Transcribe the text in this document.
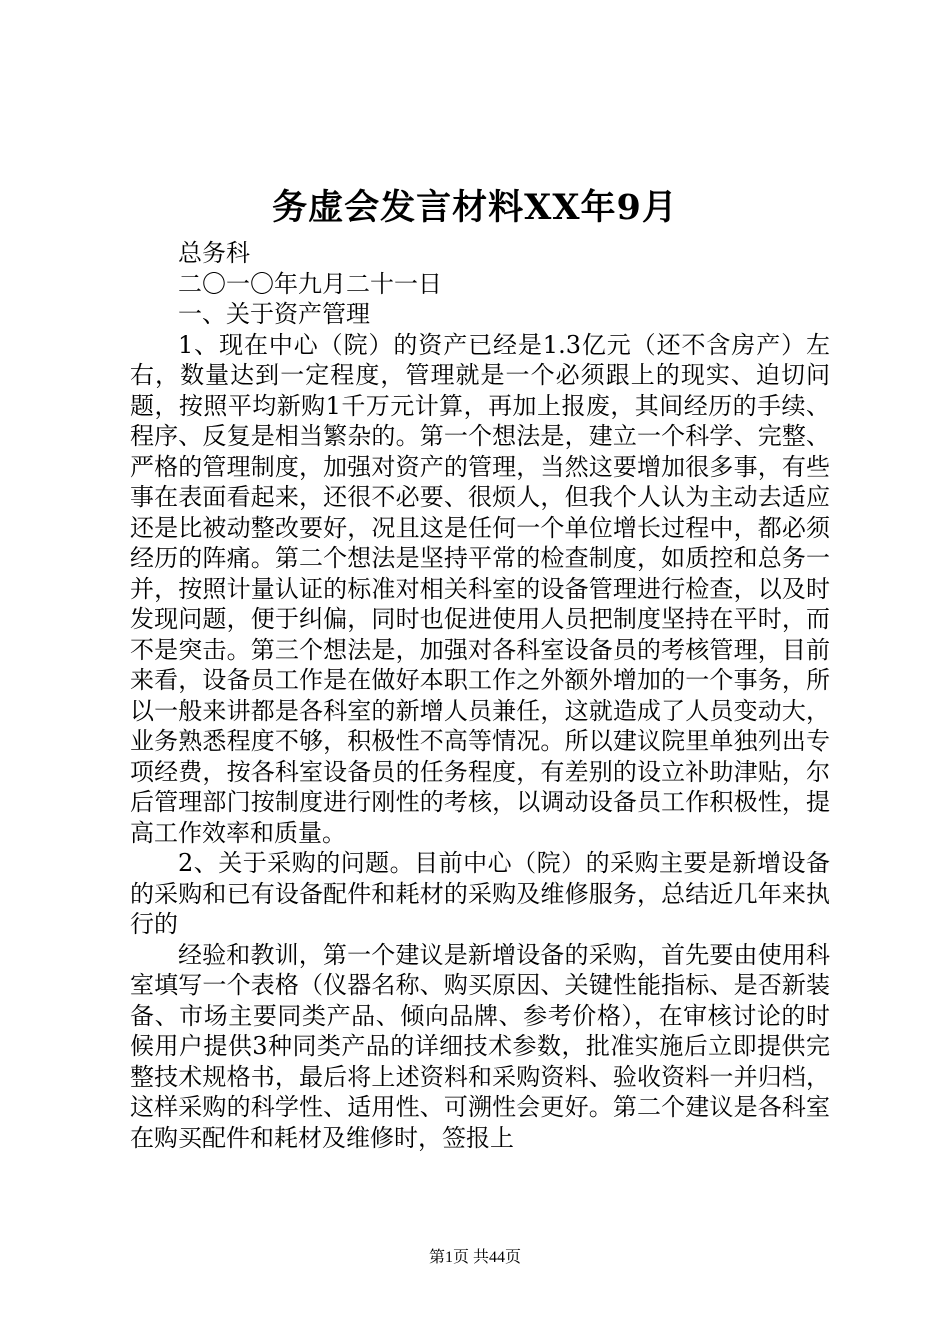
务虚会发言材料XX年9月

总务科

二〇一〇年九月二十一日

一、关于资产管理

1、现在中心（院）的资产已经是1.3亿元（还不含房产）左右，数量达到一定程度，管理就是一个必须跟上的现实、迫切问题，按照平均新购1千万元计算，再加上报废，其间经历的手续、程序、反复是相当繁杂的。第一个想法是，建立一个科学、完整、严格的管理制度，加强对资产的管理，当然这要增加很多事，有些事在表面看起来，还很不必要、很烦人，但我个人认为主动去适应还是比被动整改要好，况且这是任何一个单位增长过程中，都必须经历的阵痛。第二个想法是坚持平常的检查制度，如质控和总务一并，按照计量认证的标准对相关科室的设备管理进行检查，以及时发现问题，便于纠偏，同时也促进使用人员把制度坚持在平时，而不是突击。第三个想法是，加强对各科室设备员的考核管理，目前来看，设备员工作是在做好本职工作之外额外增加的一个事务，所以一般来讲都是各科室的新增人员兼任，这就造成了人员变动大，业务熟悉程度不够，积极性不高等情况。所以建议院里单独列出专项经费，按各科室设备员的任务程度，有差别的设立补助津贴，尔后管理部门按制度进行刚性的考核，以调动设备员工作积极性，提高工作效率和质量。

2、关于采购的问题。目前中心（院）的采购主要是新增设备的采购和已有设备配件和耗材的采购及维修服务，总结近几年来执行的

经验和教训，第一个建议是新增设备的采购，首先要由使用科室填写一个表格（仪器名称、购买原因、关键性能指标、是否新装备、市场主要同类产品、倾向品牌、参考价格），在审核讨论的时候用户提供3种同类产品的详细技术参数，批准实施后立即提供完整技术规格书，最后将上述资料和采购资料、验收资料一并归档，这样采购的科学性、适用性、可溯性会更好。第二个建议是各科室在购买配件和耗材及维修时，签报上

第1页 共44页
